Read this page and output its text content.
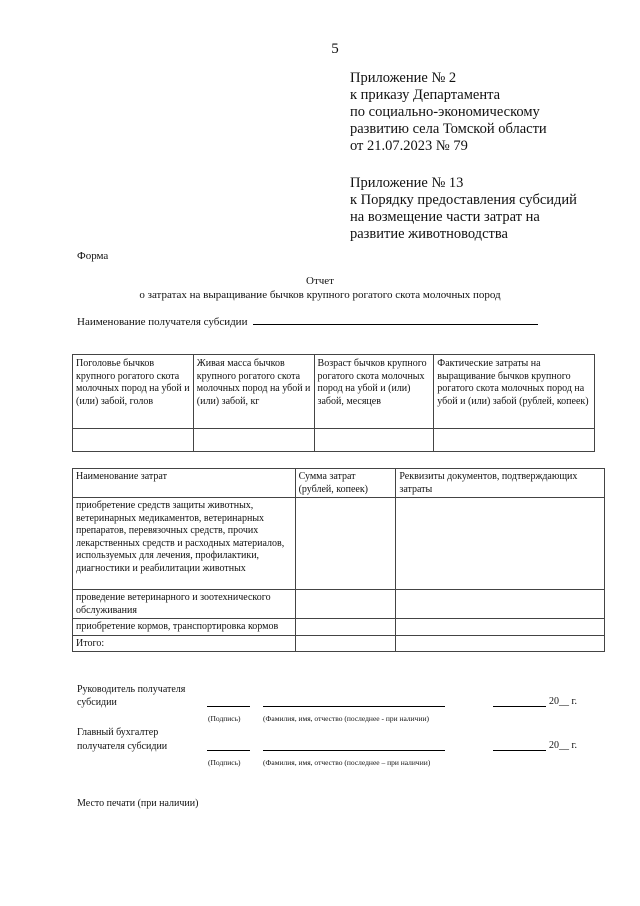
5
Приложение № 2
к приказу Департамента
по социально-экономическому
развитию села Томской области
от 21.07.2023 № 79
Приложение № 13
к Порядку предоставления субсидий
на возмещение части затрат на
развитие животноводства
Форма
Отчет
о затратах на выращивание бычков крупного рогатого скота молочных пород
Наименование получателя субсидии
Поголовье бычков крупного рогатого скота молочных пород на убой и (или) забой, голов	Живая масса бычков крупного рогатого скота молочных пород на убой и (или) забой, кг	Возраст бычков крупного рогатого скота молочных пород на убой и (или) забой, месяцев	Фактические затраты на выращивание бычков крупного рогатого скота молочных пород на убой и (или) забой (рублей, копеек)

Наименование затрат	Сумма затрат (рублей, копеек)	Реквизиты документов, подтверждающих затраты
приобретение средств защиты животных, ветеринарных медикаментов, ветеринарных препаратов, перевязочных средств, прочих лекарственных средств и расходных материалов, используемых для лечения, профилактики, диагностики и реабилитации животных		
проведение ветеринарного и зоотехнического обслуживания		
приобретение кормов, транспортировка кормов		
Итого:		
Руководитель получателя
субсидии	20__ г.
(Подпись)	(Фамилия, имя, отчество (последнее - при наличии)
Главный бухгалтер
получателя субсидии	20__ г.
(Подпись)	(Фамилия, имя, отчество (последнее – при наличии)
Место печати (при наличии)
